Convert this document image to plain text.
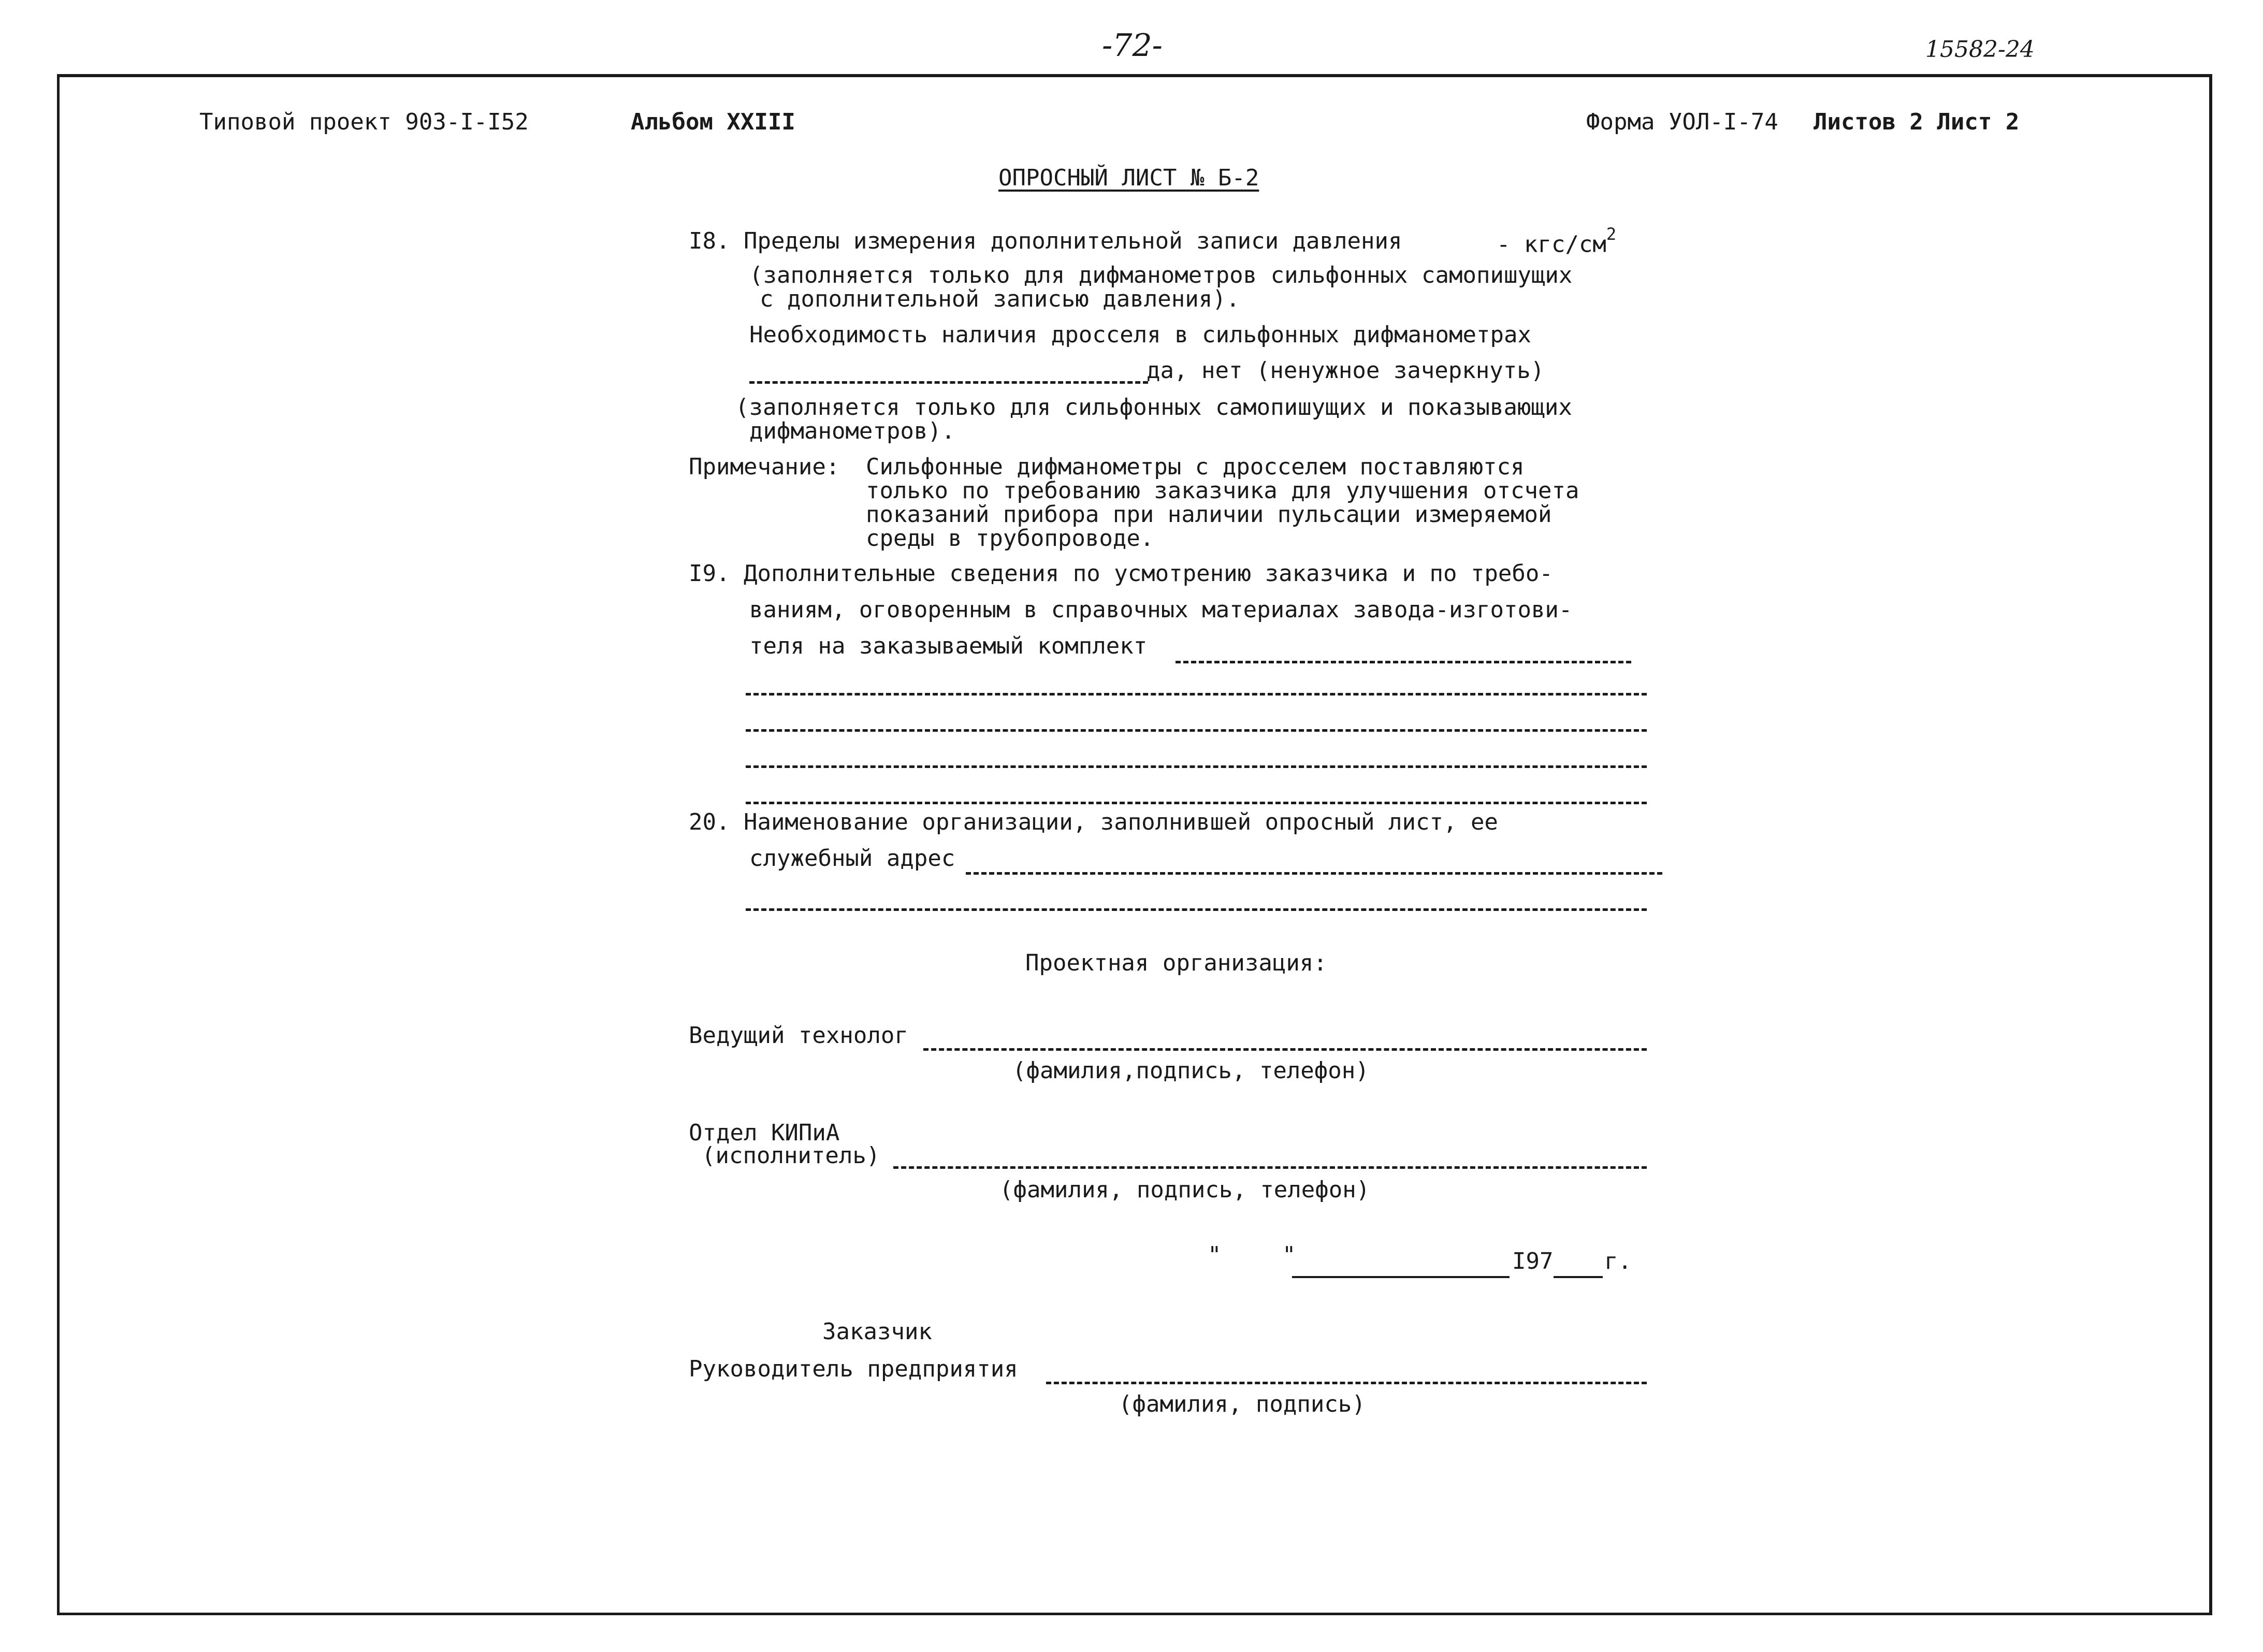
-72-	15582-24
Типовой проект 903-I-I52	Альбом XXIII	Форма УОЛ-I-74 Листов 2 Лист 2
ОПРОСНЫЙ ЛИСТ № Б-2
I8. Пределы измерения дополнительной записи давления	- кгс/$см^2$
(заполняется только для дифманометров сильфонных самопишущих
с дополнительной записью давления).
Необходимость наличия дросселя в сильфонных дифманометрах
да, нет (ненужное зачеркнуть)
(заполняется только для сильфонных самопишущих и показывающих
дифманометров).
Примечание: Сильфонные дифманометры с дросселем поставляются
только по требованию заказчика для улучшения отсчета
показаний прибора при наличии пульсации измеряемой
среды в трубопроводе.
I9. Дополнительные сведения по усмотрению заказчика и по требо-
ваниям, оговоренным в справочных материалах завода-изготови-
теля на заказываемый комплект
20. Наименование организации, заполнившей опросный лист, ее
служебный адрес
Проектная организация:
Ведущий технолог
(фамилия,подпись, телефон)
Отдел КИПиА
(исполнитель)
(фамилия, подпись, телефон)
"	"	I97 г.
Заказчик
Руководитель предприятия
(фамилия, подпись)
